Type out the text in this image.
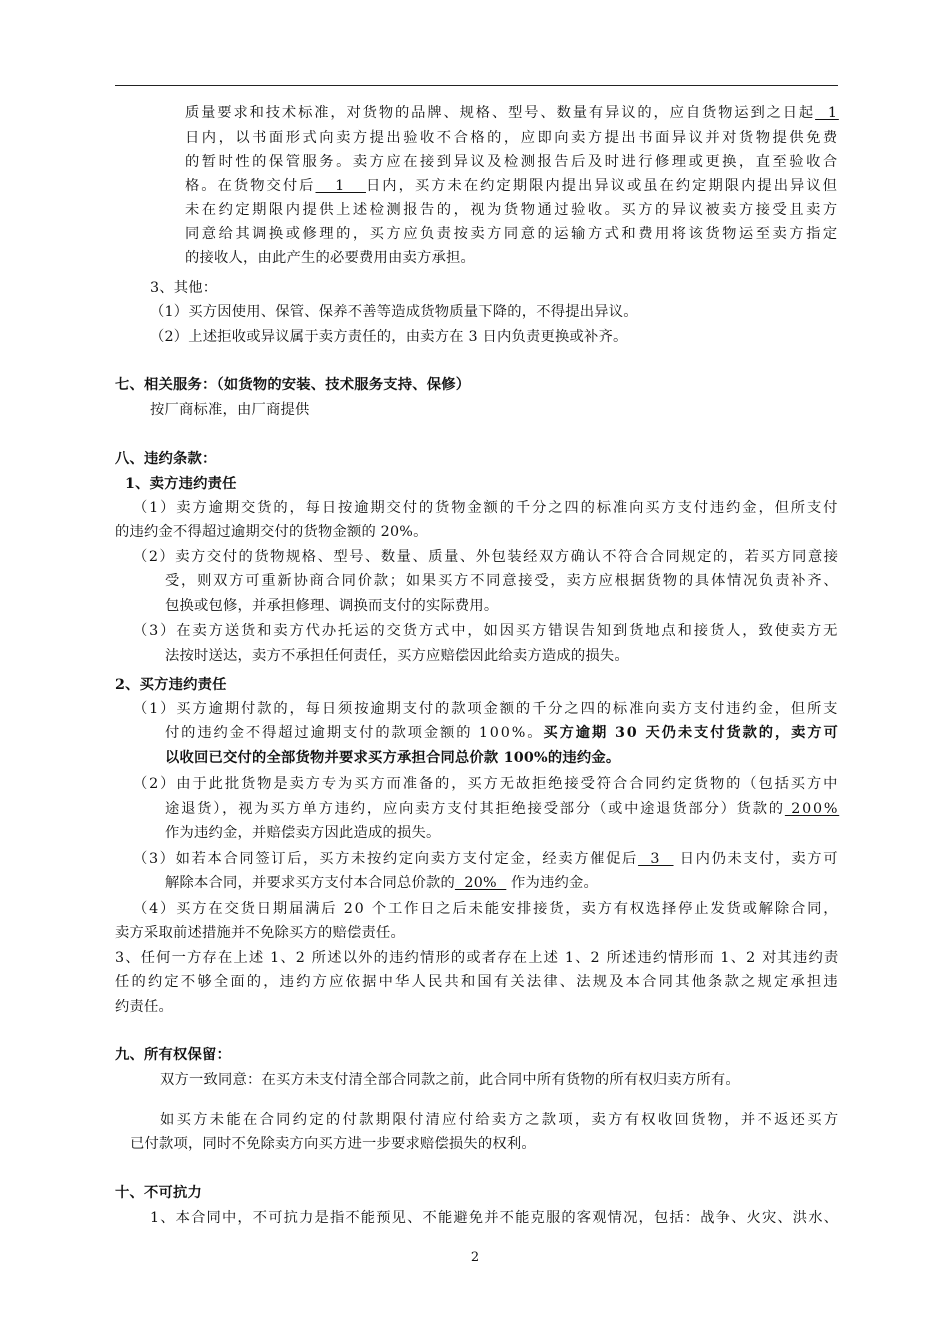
质量要求和技术标准，对货物的品牌、规格、型号、数量有异议的，应自货物运到之日起  1
日内，以书面形式向卖方提出验收不合格的，应即向卖方提出书面异议并对货物提供免费
的暂时性的保管服务。卖方应在接到异议及检测报告后及时进行修理或更换，直至验收合
格。在货物交付后   1   日内，买方未在约定期限内提出异议或虽在约定期限内提出异议但
未在约定期限内提供上述检测报告的，视为货物通过验收。买方的异议被卖方接受且卖方
同意给其调换或修理的，买方应负责按卖方同意的运输方式和费用将该货物运至卖方指定
的接收人，由此产生的必要费用由卖方承担。
3、其他：
（1）买方因使用、保管、保养不善等造成货物质量下降的，不得提出异议。
（2）上述拒收或异议属于卖方责任的，由卖方在 3 日内负责更换或补齐。
七、相关服务：（如货物的安装、技术服务支持、保修）
按厂商标准，由厂商提供
八、违约条款：
1、卖方违约责任
（1）卖方逾期交货的，每日按逾期交付的货物金额的千分之四的标准向买方支付违约金，但所支付
的违约金不得超过逾期交付的货物金额的 20%。
（2）卖方交付的货物规格、型号、数量、质量、外包装经双方确认不符合合同规定的，若买方同意接
受，则双方可重新协商合同价款；如果买方不同意接受，卖方应根据货物的具体情况负责补齐、
包换或包修，并承担修理、调换而支付的实际费用。
（3）在卖方送货和卖方代办托运的交货方式中，如因买方错误告知到货地点和接货人，致使卖方无
法按时送达，卖方不承担任何责任，买方应赔偿因此给卖方造成的损失。
2、买方违约责任
（1）买方逾期付款的，每日须按逾期支付的款项金额的千分之四的标准向卖方支付违约金，但所支
付的违约金不得超过逾期支付的款项金额的 100%。买方逾期 30 天仍未支付货款的，卖方可
以收回已交付的全部货物并要求买方承担合同总价款 100%的违约金。
（2）由于此批货物是卖方专为买方而准备的，买方无故拒绝接受符合合同约定货物的（包括买方中
途退货），视为买方单方违约，应向卖方支付其拒绝接受部分（或中途退货部分）货款的 200%
作为违约金，并赔偿卖方因此造成的损失。
（3）如若本合同签订后，买方未按约定向卖方支付定金，经卖方催促后  3   日内仍未支付，卖方可
解除本合同，并要求买方支付本合同总价款的  20%   作为违约金。
（4）买方在交货日期届满后 20 个工作日之后未能安排接货，卖方有权选择停止发货或解除合同，
卖方采取前述措施并不免除买方的赔偿责任。
3、任何一方存在上述 1、2 所述以外的违约情形的或者存在上述 1、2 所述违约情形而 1、2 对其违约责
任的约定不够全面的，违约方应依据中华人民共和国有关法律、法规及本合同其他条款之规定承担违
约责任。
九、所有权保留：
双方一致同意：在买方未支付清全部合同款之前，此合同中所有货物的所有权归卖方所有。
如买方未能在合同约定的付款期限付清应付给卖方之款项，卖方有权收回货物，并不返还买方
已付款项，同时不免除卖方向买方进一步要求赔偿损失的权利。
十、不可抗力
1、本合同中，不可抗力是指不能预见、不能避免并不能克服的客观情况，包括：战争、火灾、洪水、
2
